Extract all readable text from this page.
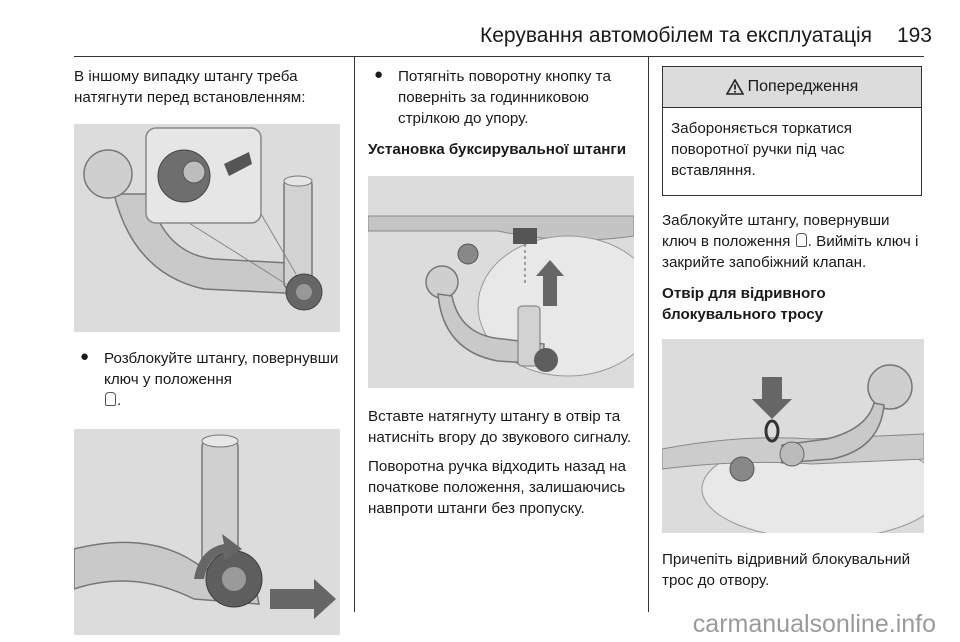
Керування автомобілем та експлуатація	193

В іншому випадку штангу треба натягнути перед встановленням:

● Розблокуйте штангу, повернувши ключ у положення
.

● Потягніть поворотну кнопку та поверніть за годинниковою стрілкою до упору.

Установка буксирувальної штанги

Вставте натягнуту штангу в отвір та натисніть вгору до звукового сигналу.

Поворотна ручка відходить назад на початкове положення, залишаючись навпроти штанги без пропуску.

Попередження

Забороняється торкатися поворотної ручки під час вставляння.

Заблокуйте штангу, повернувши ключ в положення . Вийміть ключ і закрийте запобіжний клапан.

Отвір для відривного блокувального тросу

Причепіть відривний блокувальний трос до отвору.

carmanualsonline.info
